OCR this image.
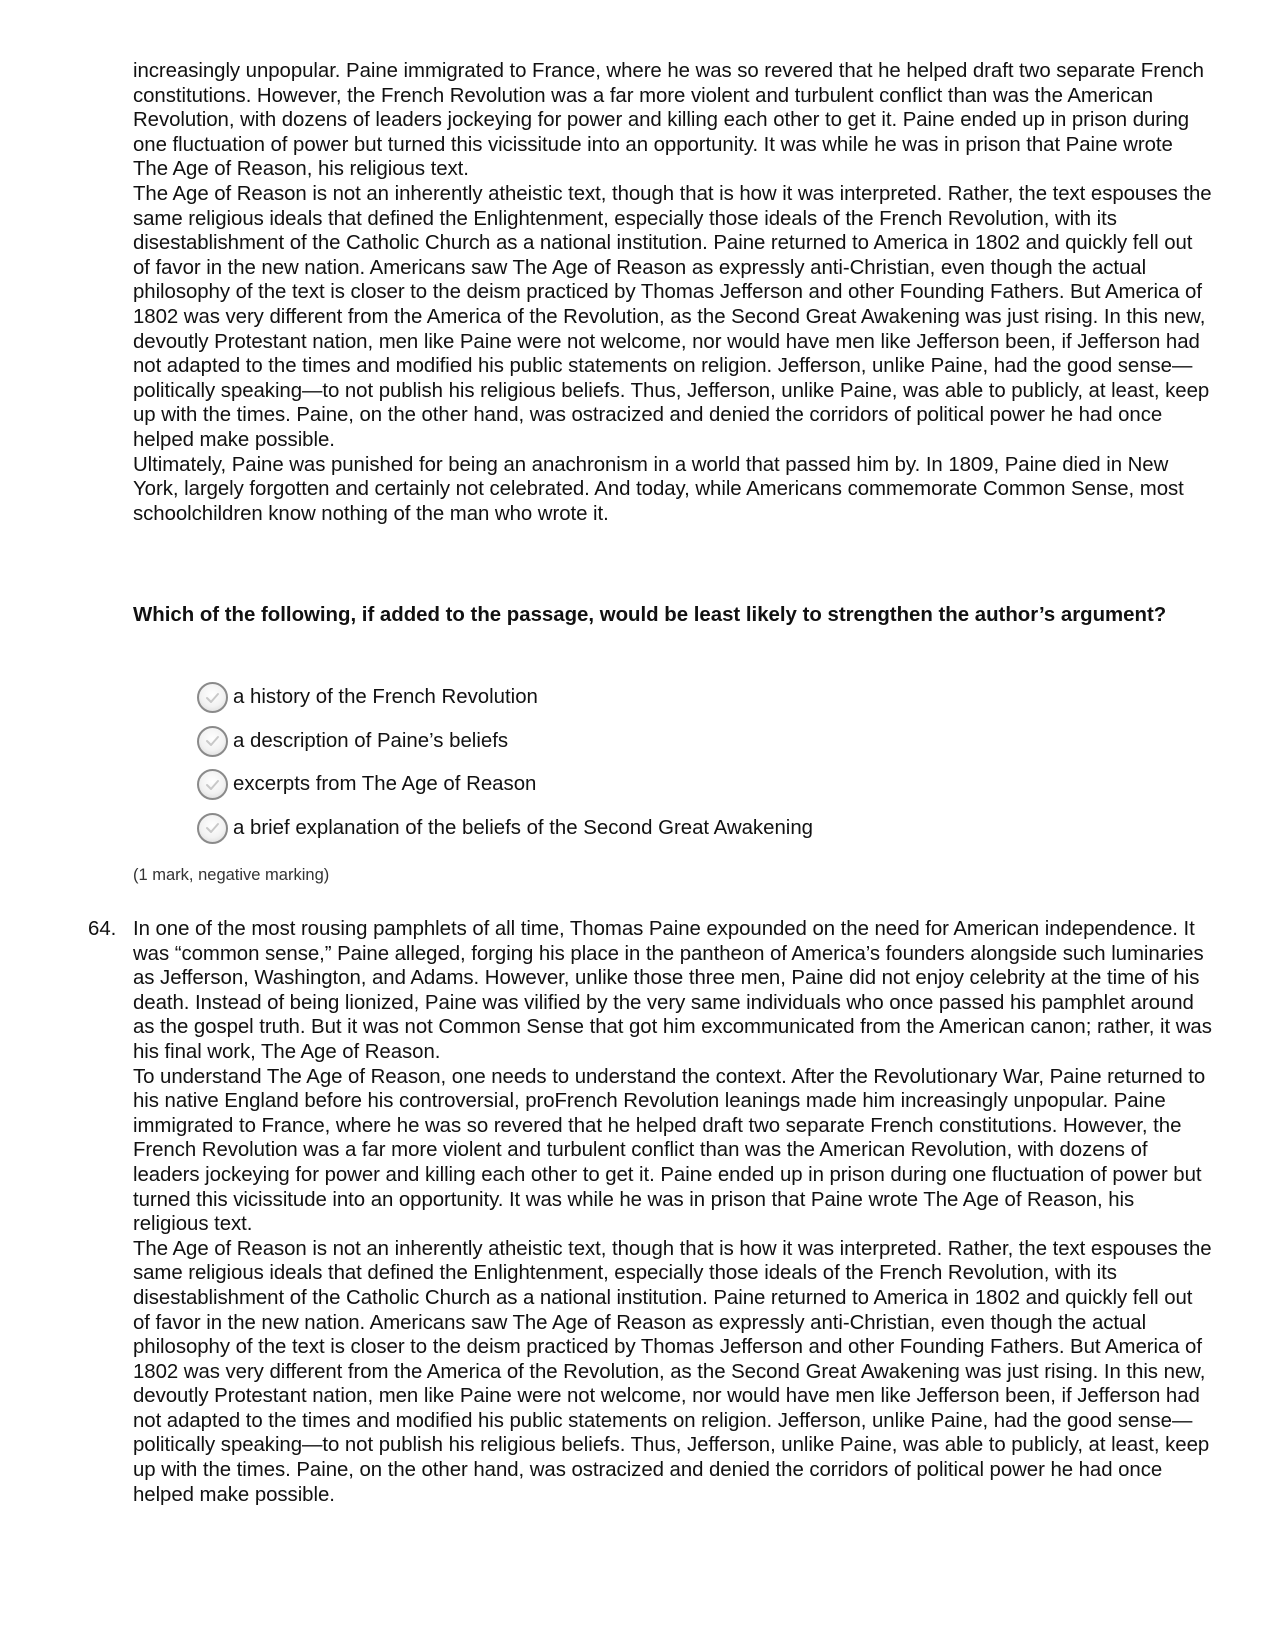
increasingly unpopular. Paine immigrated to France, where he was so revered that he helped draft two separate French constitutions. However, the French Revolution was a far more violent and turbulent conflict than was the American Revolution, with dozens of leaders jockeying for power and killing each other to get it. Paine ended up in prison during one fluctuation of power but turned this vicissitude into an opportunity. It was while he was in prison that Paine wrote The Age of Reason, his religious text.

The Age of Reason is not an inherently atheistic text, though that is how it was interpreted. Rather, the text espouses the same religious ideals that defined the Enlightenment, especially those ideals of the French Revolution, with its disestablishment of the Catholic Church as a national institution. Paine returned to America in 1802 and quickly fell out of favor in the new nation. Americans saw The Age of Reason as expressly anti-Christian, even though the actual philosophy of the text is closer to the deism practiced by Thomas Jefferson and other Founding Fathers. But America of 1802 was very different from the America of the Revolution, as the Second Great Awakening was just rising. In this new, devoutly Protestant nation, men like Paine were not welcome, nor would have men like Jefferson been, if Jefferson had not adapted to the times and modified his public statements on religion. Jefferson, unlike Paine, had the good sense—politically speaking—to not publish his religious beliefs. Thus, Jefferson, unlike Paine, was able to publicly, at least, keep up with the times. Paine, on the other hand, was ostracized and denied the corridors of political power he had once helped make possible.

Ultimately, Paine was punished for being an anachronism in a world that passed him by. In 1809, Paine died in New York, largely forgotten and certainly not celebrated. And today, while Americans commemorate Common Sense, most schoolchildren know nothing of the man who wrote it.

Which of the following, if added to the passage, would be least likely to strengthen the author’s argument?

a history of the French Revolution
a description of Paine’s beliefs
excerpts from The Age of Reason
a brief explanation of the beliefs of the Second Great Awakening

(1 mark, negative marking)

64. In one of the most rousing pamphlets of all time, Thomas Paine expounded on the need for American independence. It was “common sense,” Paine alleged, forging his place in the pantheon of America’s founders alongside such luminaries as Jefferson, Washington, and Adams. However, unlike those three men, Paine did not enjoy celebrity at the time of his death. Instead of being lionized, Paine was vilified by the very same individuals who once passed his pamphlet around as the gospel truth. But it was not Common Sense that got him excommunicated from the American canon; rather, it was his final work, The Age of Reason.

To understand The Age of Reason, one needs to understand the context. After the Revolutionary War, Paine returned to his native England before his controversial, proFrench Revolution leanings made him increasingly unpopular. Paine immigrated to France, where he was so revered that he helped draft two separate French constitutions. However, the French Revolution was a far more violent and turbulent conflict than was the American Revolution, with dozens of leaders jockeying for power and killing each other to get it. Paine ended up in prison during one fluctuation of power but turned this vicissitude into an opportunity. It was while he was in prison that Paine wrote The Age of Reason, his religious text.

The Age of Reason is not an inherently atheistic text, though that is how it was interpreted. Rather, the text espouses the same religious ideals that defined the Enlightenment, especially those ideals of the French Revolution, with its disestablishment of the Catholic Church as a national institution. Paine returned to America in 1802 and quickly fell out of favor in the new nation. Americans saw The Age of Reason as expressly anti-Christian, even though the actual philosophy of the text is closer to the deism practiced by Thomas Jefferson and other Founding Fathers. But America of 1802 was very different from the America of the Revolution, as the Second Great Awakening was just rising. In this new, devoutly Protestant nation, men like Paine were not welcome, nor would have men like Jefferson been, if Jefferson had not adapted to the times and modified his public statements on religion. Jefferson, unlike Paine, had the good sense—politically speaking—to not publish his religious beliefs. Thus, Jefferson, unlike Paine, was able to publicly, at least, keep up with the times. Paine, on the other hand, was ostracized and denied the corridors of political power he had once helped make possible.
